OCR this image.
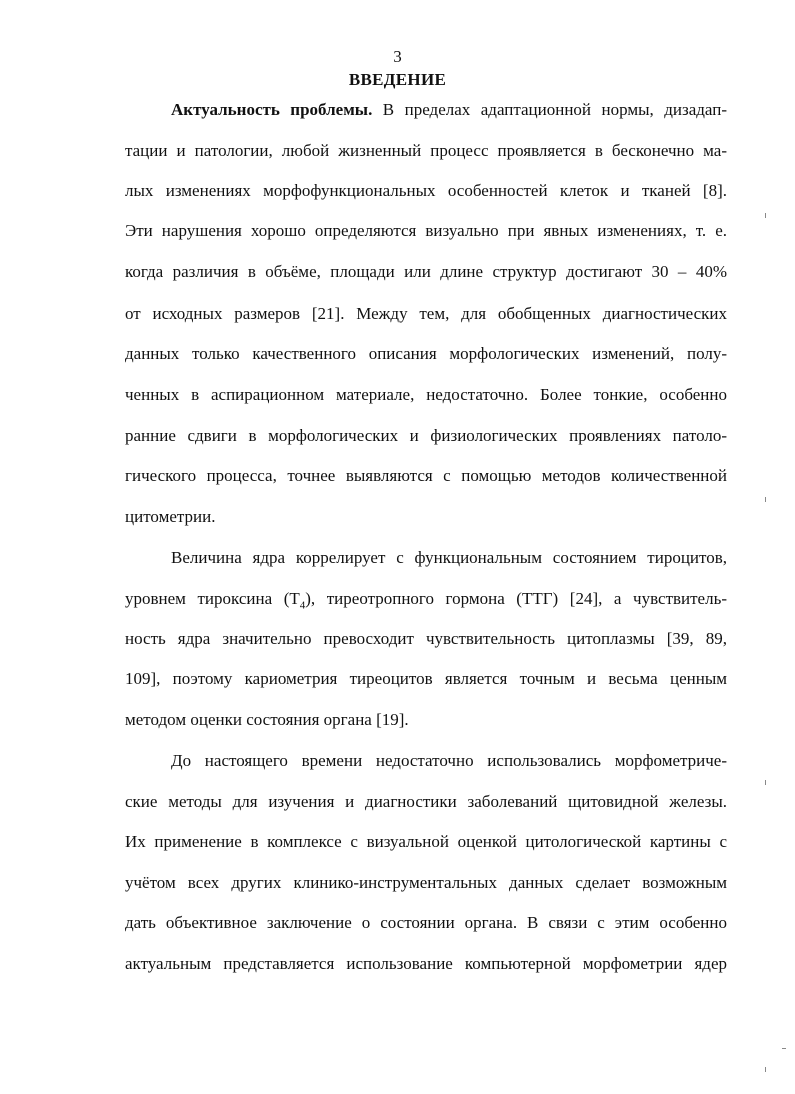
3
ВВЕДЕНИЕ
Актуальность проблемы. В пределах адаптационной нормы, дизадап-
тации и патологии, любой жизненный процесс проявляется в бесконечно ма-
лых изменениях морфофункциональных особенностей клеток и тканей [8].
Эти нарушения хорошо определяются визуально при явных изменениях, т. е.
когда различия в объёме, площади или длине структур достигают 30 – 40%
от исходных размеров [21]. Между тем, для обобщенных диагностических
данных только качественного описания морфологических изменений, полу-
ченных в аспирационном материале, недостаточно. Более тонкие, особенно
ранние сдвиги в морфологических и физиологических проявлениях патоло-
гического процесса, точнее выявляются с помощью методов количественной
цитометрии.
Величина ядра коррелирует с функциональным состоянием тироцитов,
уровнем тироксина $(Т_4)$, тиреотропного гормона (ТТГ) [24], а чувствитель-
ность ядра значительно превосходит чувствительность цитоплазмы [39, 89,
109], поэтому кариометрия тиреоцитов является точным и весьма ценным
методом оценки состояния органа [19].
До настоящего времени недостаточно использовались морфометриче-
ские методы для изучения и диагностики заболеваний щитовидной железы.
Их применение в комплексе с визуальной оценкой цитологической картины с
учётом всех других клинико-инструментальных данных сделает возможным
дать объективное заключение о состоянии органа. В связи с этим особенно
актуальным представляется использование компьютерной морфометрии ядер
